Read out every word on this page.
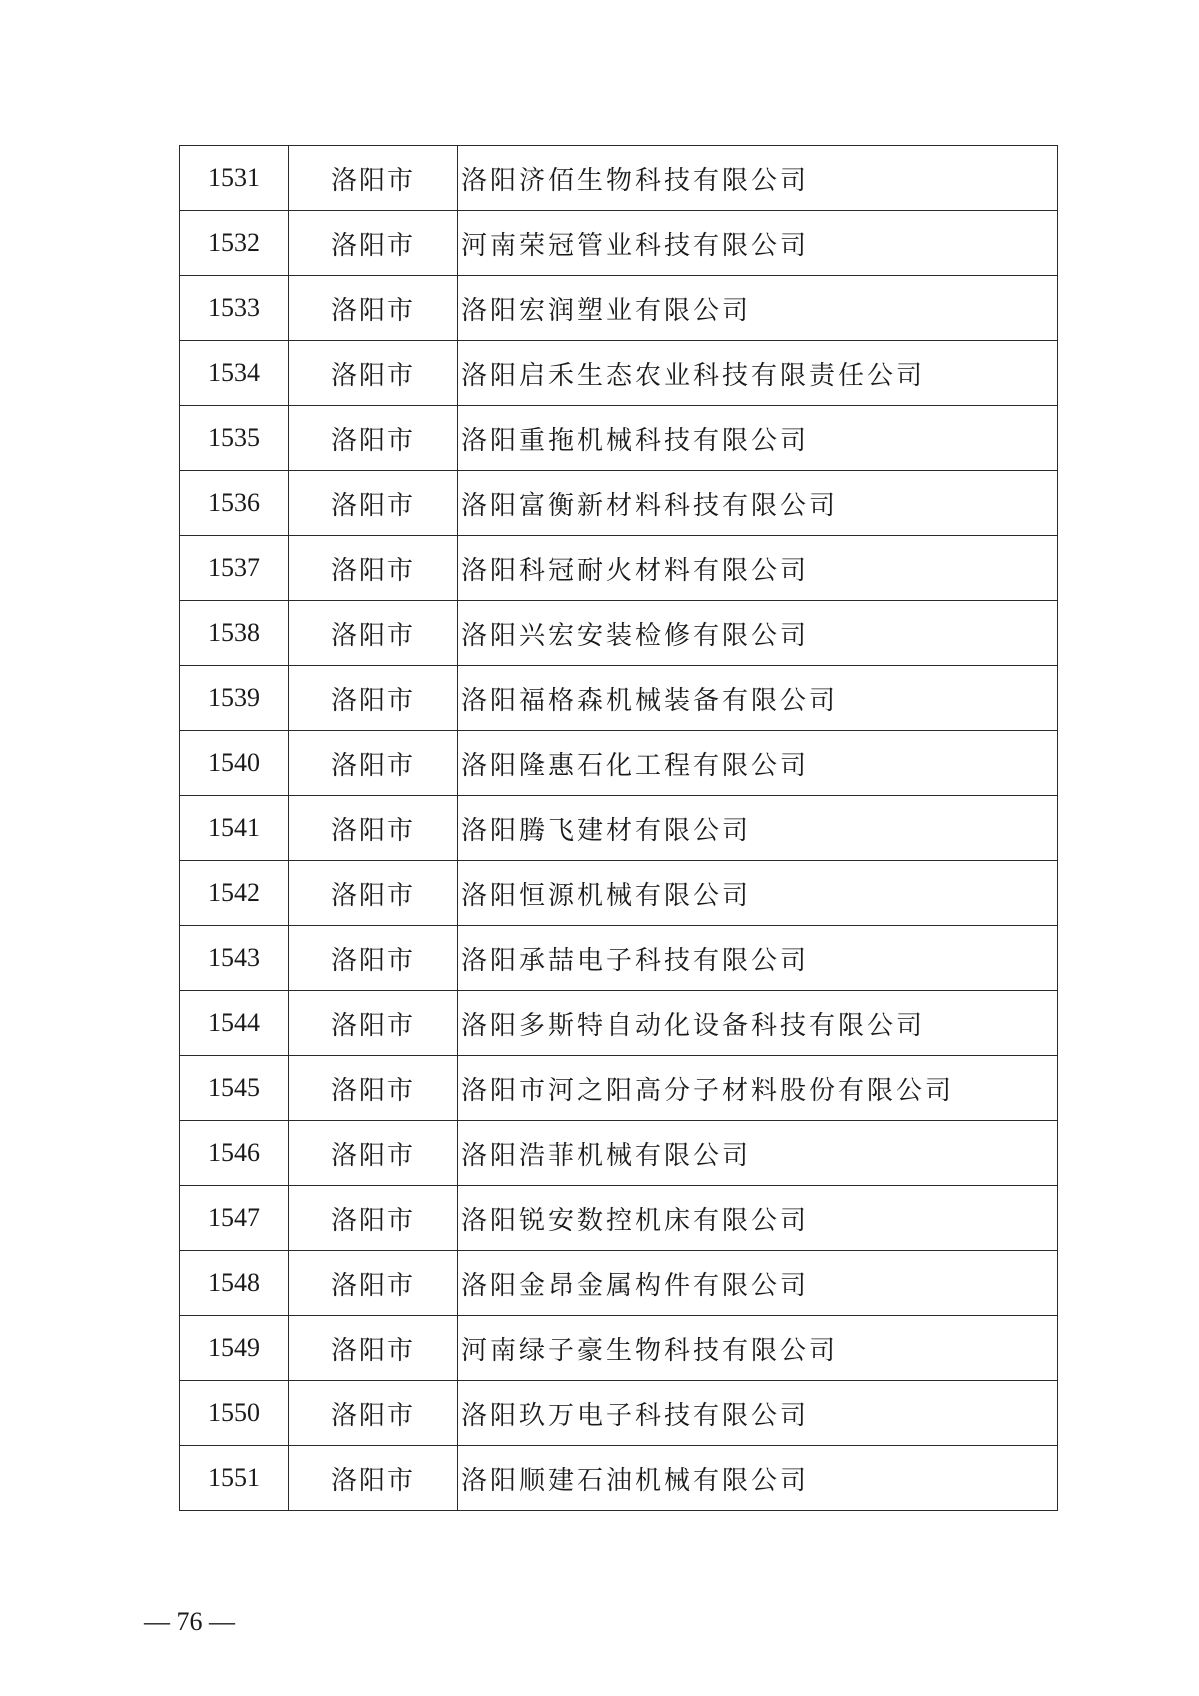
1531	洛阳市	洛阳济佰生物科技有限公司
1532	洛阳市	河南荣冠管业科技有限公司
1533	洛阳市	洛阳宏润塑业有限公司
1534	洛阳市	洛阳启禾生态农业科技有限责任公司
1535	洛阳市	洛阳重拖机械科技有限公司
1536	洛阳市	洛阳富衡新材料科技有限公司
1537	洛阳市	洛阳科冠耐火材料有限公司
1538	洛阳市	洛阳兴宏安装检修有限公司
1539	洛阳市	洛阳福格森机械装备有限公司
1540	洛阳市	洛阳隆惠石化工程有限公司
1541	洛阳市	洛阳腾飞建材有限公司
1542	洛阳市	洛阳恒源机械有限公司
1543	洛阳市	洛阳承喆电子科技有限公司
1544	洛阳市	洛阳多斯特自动化设备科技有限公司
1545	洛阳市	洛阳市河之阳高分子材料股份有限公司
1546	洛阳市	洛阳浩菲机械有限公司
1547	洛阳市	洛阳锐安数控机床有限公司
1548	洛阳市	洛阳金昂金属构件有限公司
1549	洛阳市	河南绿子豪生物科技有限公司
1550	洛阳市	洛阳玖万电子科技有限公司
1551	洛阳市	洛阳顺建石油机械有限公司
— 76 —
